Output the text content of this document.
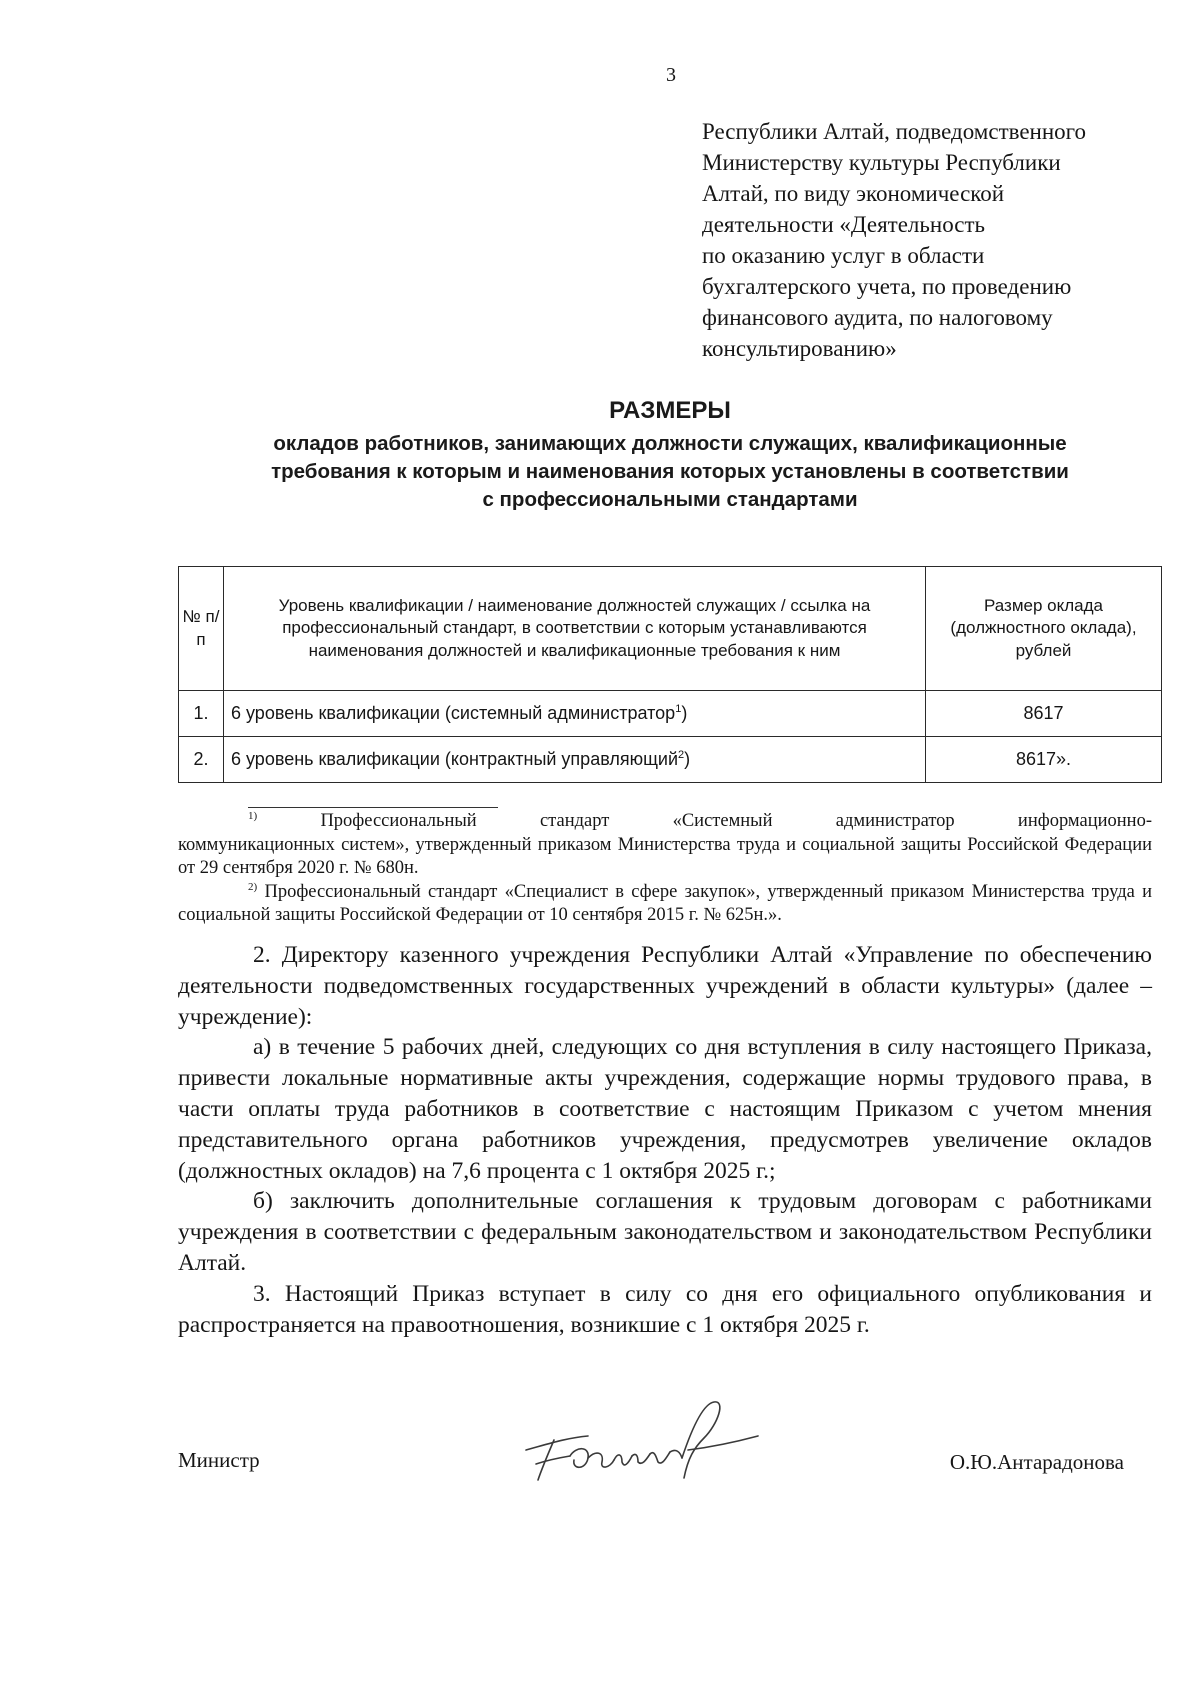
3
Республики Алтай, подведомственного
Министерству культуры Республики
Алтай, по виду экономической
деятельности «Деятельность
по оказанию услуг в области
бухгалтерского учета, по проведению
финансового аудита, по налоговому
консультированию»
РАЗМЕРЫ
окладов работников, занимающих должности служащих, квалификационные
требования к которым и наименования которых установлены в соответствии
с профессиональными стандартами
№ п/п	Уровень квалификации / наименование должностей служащих / ссылка на профессиональный стандарт, в соответствии с которым устанавливаются наименования должностей и квалификационные требования к ним	Размер оклада (должностного оклада), рублей
1.	6 уровень квалификации (системный администратор$^1$)	8617
2.	6 уровень квалификации (контрактный управляющий$^2$)	8617».

$^{1)}$	Профессиональный стандарт «Системный администратор информационно-

коммуникационных систем», утвержденный приказом Министерства труда и социальной защиты Российской Федерации от 29 сентября 2020 г. № 680н.

$^{2)}$ Профессиональный стандарт «Специалист в сфере закупок», утвержденный приказом Министерства труда и социальной защиты Российской Федерации от 10 сентября 2015 г. № 625н.».

2. Директору казенного учреждения Республики Алтай «Управление по обеспечению деятельности подведомственных государственных учреждений в области культуры» (далее – учреждение):

а) в течение 5 рабочих дней, следующих со дня вступления в силу настоящего Приказа, привести локальные нормативные акты учреждения, содержащие нормы трудового права, в части оплаты труда работников в соответствие с настоящим Приказом с учетом мнения представительного органа работников учреждения, предусмотрев увеличение окладов (должностных окладов) на 7,6 процента с 1 октября 2025 г.;

б) заключить дополнительные соглашения к трудовым договорам с работниками учреждения в соответствии с федеральным законодательством и законодательством Республики Алтай.

3. Настоящий Приказ вступает в силу со дня его официального опубликования и распространяется на правоотношения, возникшие с 1 октября 2025 г.

Министр	О.Ю.Антарадонова
